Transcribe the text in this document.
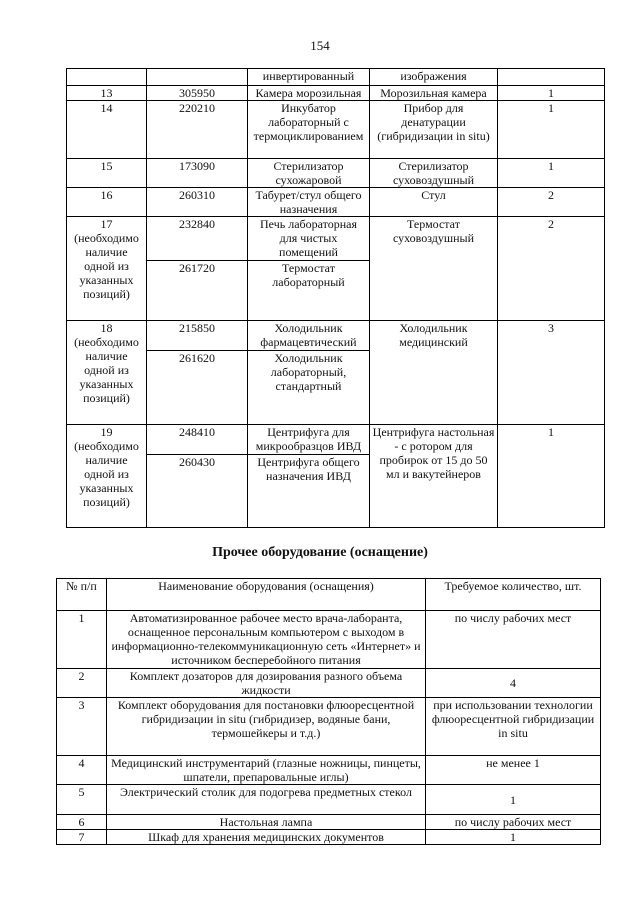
154
		инвертированный	изображения	
13	305950	Камера морозильная	Морозильная камера	1
14	220210	Инкубатор лабораторный с термоциклированием	Прибор для денатурации (гибридизации in situ)	1
15	173090	Стерилизатор сухожаровой	Стерилизатор суховоздушный	1
16	260310	Табурет/стул общего назначения	Стул	2
17 (необходимо наличие одной из указанных позиций)	232840	Печь лабораторная для чистых помещений	Термостат суховоздушный	2
	261720	Термостат лабораторный		
18 (необходимо наличие одной из указанных позиций)	215850	Холодильник фармацевтический	Холодильник медицинский	3
	261620	Холодильник лабораторный, стандартный		
19 (необходимо наличие одной из указанных позиций)	248410	Центрифуга для микрообразцов ИВД	Центрифуга настольная - с ротором для пробирок от 15 до 50 мл и вакутейнеров	1
	260430	Центрифуга общего назначения ИВД		
Прочее оборудование (оснащение)
№ п/п	Наименование оборудования (оснащения)	Требуемое количество, шт.
1	Автоматизированное рабочее место врача-лаборанта, оснащенное персональным компьютером с выходом в информационно-телекоммуникационную сеть «Интернет» и источником бесперебойного питания	по числу рабочих мест
2	Комплект дозаторов для дозирования разного объема жидкости	4
3	Комплект оборудования для постановки флюоресцентной гибридизации in situ (гибридизер, водяные бани, термошейкеры и т.д.)	при использовании технологии флюоресцентной гибридизации in situ
4	Медицинский инструментарий (глазные ножницы, пинцеты, шпатели, препаровальные иглы)	не менее 1
5	Электрический столик для подогрева предметных стекол	1
6	Настольная лампа	по числу рабочих мест
7	Шкаф для хранения медицинских документов	1
